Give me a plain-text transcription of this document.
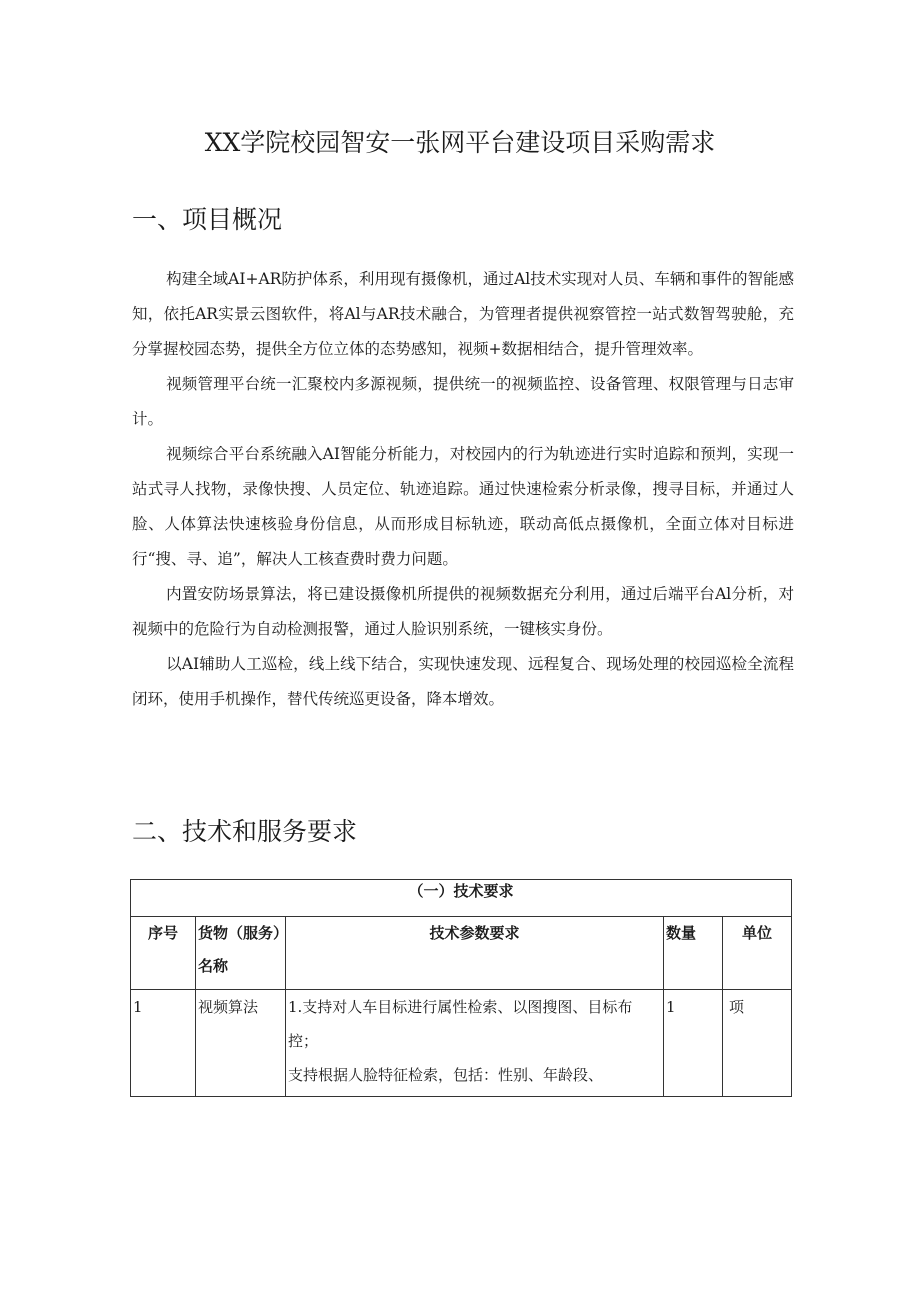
XX学院校园智安一张网平台建设项目采购需求
一、项目概况

构建全域AI+AR防护体系，利用现有摄像机，通过Al技术实现对人员、车辆和事件的智能感知，依托AR实景云图软件，将Al与AR技术融合，为管理者提供视察管控一站式数智驾驶舱，充分掌握校园态势，提供全方位立体的态势感知，视频+数据相结合，提升管理效率。

视频管理平台统一汇聚校内多源视频，提供统一的视频监控、设备管理、权限管理与日志审计。

视频综合平台系统融入AI智能分析能力，对校园内的行为轨迹进行实时追踪和预判，实现一站式寻人找物，录像快搜、人员定位、轨迹追踪。通过快速检索分析录像，搜寻目标，并通过人脸、人体算法快速核验身份信息，从而形成目标轨迹，联动高低点摄像机，全面立体对目标进行“搜、寻、追”，解决人工核查费时费力问题。

内置安防场景算法，将已建设摄像机所提供的视频数据充分利用，通过后端平台Al分析，对视频中的危险行为自动检测报警，通过人脸识别系统，一键核实身份。

以AI辅助人工巡检，线上线下结合，实现快速发现、远程复合、现场处理的校园巡检全流程闭环，使用手机操作，替代传统巡更设备，降本增效。

二、技术和服务要求
（一）技术要求				
序号	货物（服务）名称	技术参数要求	数量	单位
1	视频算法	1.支持对人车目标进行属性检索、以图搜图、目标布控；
支持根据人脸特征检索，包括：性别、年龄段、	1	项
